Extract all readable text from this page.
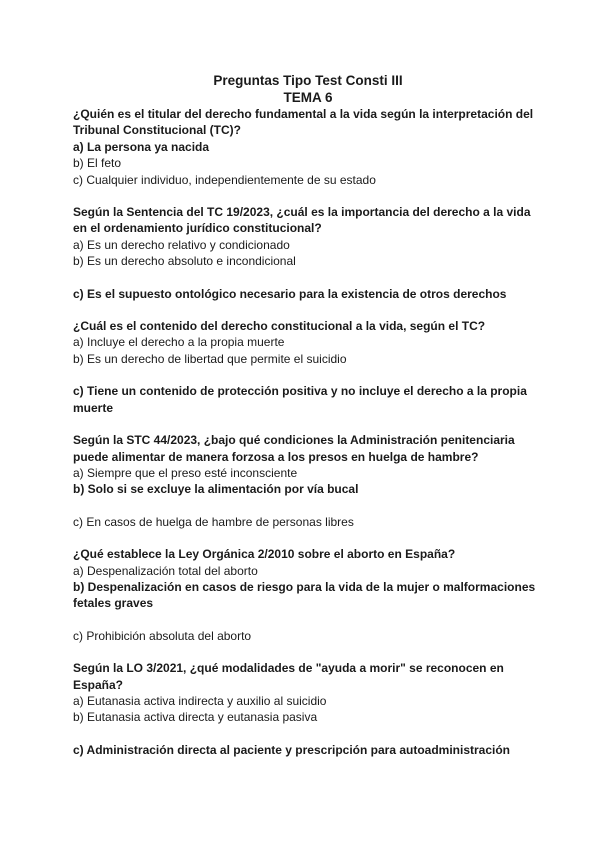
Preguntas Tipo Test Consti III

TEMA 6

¿Quién es el titular del derecho fundamental a la vida según la interpretación del Tribunal Constitucional (TC)?

a) La persona ya nacida

b) El feto

c) Cualquier individuo, independientemente de su estado

Según la Sentencia del TC 19/2023, ¿cuál es la importancia del derecho a la vida en el ordenamiento jurídico constitucional?

a) Es un derecho relativo y condicionado

b) Es un derecho absoluto e incondicional

c) Es el supuesto ontológico necesario para la existencia de otros derechos

¿Cuál es el contenido del derecho constitucional a la vida, según el TC?

a) Incluye el derecho a la propia muerte

b) Es un derecho de libertad que permite el suicidio

c) Tiene un contenido de protección positiva y no incluye el derecho a la propia muerte

Según la STC 44/2023, ¿bajo qué condiciones la Administración penitenciaria puede alimentar de manera forzosa a los presos en huelga de hambre?

a) Siempre que el preso esté inconsciente

b) Solo si se excluye la alimentación por vía bucal

c) En casos de huelga de hambre de personas libres

¿Qué establece la Ley Orgánica 2/2010 sobre el aborto en España?

a) Despenalización total del aborto

b) Despenalización en casos de riesgo para la vida de la mujer o malformaciones fetales graves

c) Prohibición absoluta del aborto

Según la LO 3/2021, ¿qué modalidades de "ayuda a morir" se reconocen en España?

a) Eutanasia activa indirecta y auxilio al suicidio

b) Eutanasia activa directa y eutanasia pasiva

c) Administración directa al paciente y prescripción para autoadministración
